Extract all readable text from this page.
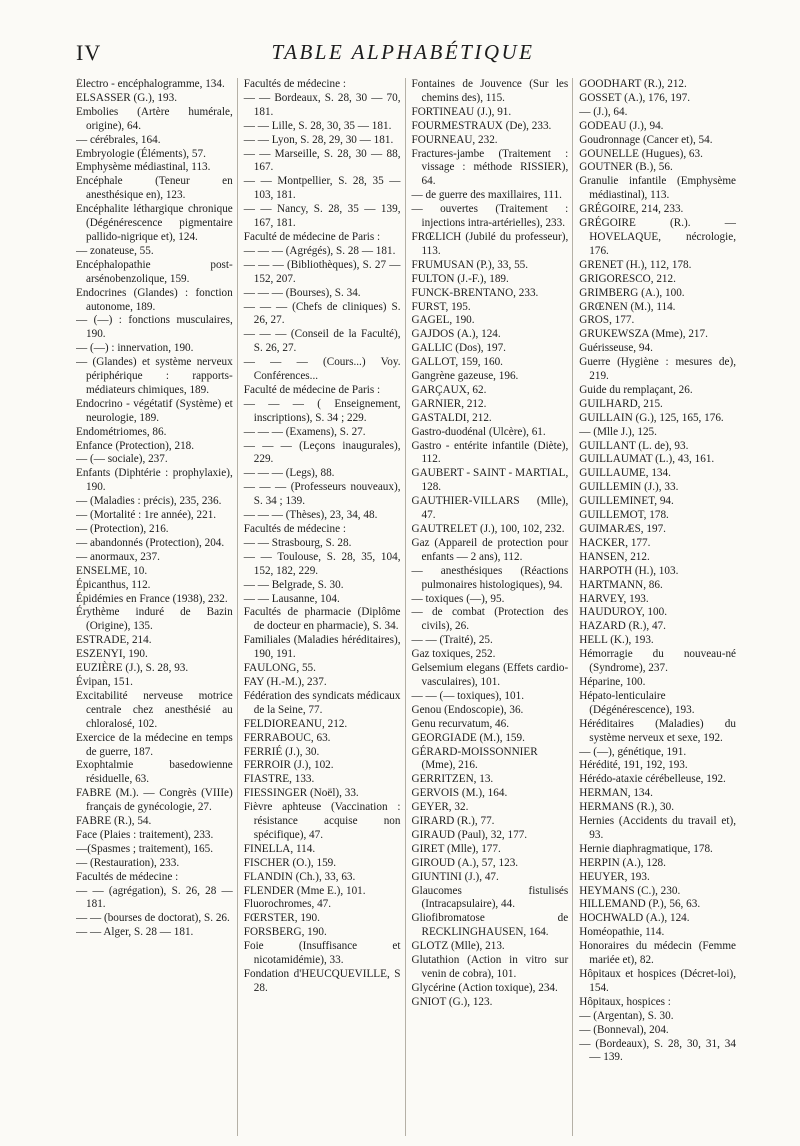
IV	TABLE ALPHABÉTIQUE

Électro - encéphalogramme, 134.

ELSASSER (G.), 193.

Embolies (Artère humérale, origine), 64.

— cérébrales, 164.

Embryologie (Éléments), 57.

Emphysème médiastinal, 113.

Encéphale (Teneur en anesthésique en), 123.

Encéphalite léthargique chronique (Dégénérescence pigmentaire pallido-nigrique et), 124.

— zonateuse, 55.

Encéphalopathie post-arsénobenzolique, 159.

Endocrines (Glandes) : fonction autonome, 189.

— (—) : fonctions musculaires, 190.

— (—) : innervation, 190.

— (Glandes) et système nerveux périphérique : rapports-médiateurs chimiques, 189.

Endocrino - végétatif (Système) et neurologie, 189.

Endométriomes, 86.

Enfance (Protection), 218.

— (— sociale), 237.

Enfants (Diphtérie : prophylaxie), 190.

— (Maladies : précis), 235, 236.

— (Mortalité : 1re année), 221.

— (Protection), 216.

— abandonnés (Protection), 204.

— anormaux, 237.

ENSELME, 10.

Épicanthus, 112.

Épidémies en France (1938), 232.

Érythème induré de Bazin (Origine), 135.

ESTRADE, 214.

ESZENYI, 190.

EUZIÈRE (J.), S. 28, 93.

Évipan, 151.

Excitabilité nerveuse motrice centrale chez anesthésié au chloralosé, 102.

Exercice de la médecine en temps de guerre, 187.

Exophtalmie basedowienne résiduelle, 63.

FABRE (M.). — Congrès (VIIIe) français de gynécologie, 27.

FABRE (R.), 54.

Face (Plaies : traitement), 233.

—(Spasmes ; traitement), 165.

— (Restauration), 233.

Facultés de médecine :

— — (agrégation), S. 26, 28 — 181.

— — (bourses de doctorat), S. 26.

— — Alger, S. 28 — 181.

Facultés de médecine :

— — Bordeaux, S. 28, 30 — 70, 181.

— — Lille, S. 28, 30, 35 — 181.

— — Lyon, S. 28, 29, 30 — 181.

— — Marseille, S. 28, 30 — 88, 167.

— — Montpellier, S. 28, 35 — 103, 181.

— — Nancy, S. 28, 35 — 139, 167, 181.

Faculté de médecine de Paris :

— — — (Agrégés), S. 28 — 181.

— — — (Bibliothèques), S. 27 — 152, 207.

— — — (Bourses), S. 34.

— — — (Chefs de cliniques) S. 26, 27.

— — — (Conseil de la Faculté), S. 26, 27.

— — — (Cours...) Voy. Conférences...

Faculté de médecine de Paris :

— — — ( Enseignement, inscriptions), S. 34 ; 229.

— — — (Examens), S. 27.

— — — (Leçons inaugurales), 229.

— — — (Legs), 88.

— — — (Professeurs nouveaux), S. 34 ; 139.

— — — (Thèses), 23, 34, 48.

Facultés de médecine :

— — Strasbourg, S. 28.

— — Toulouse, S. 28, 35, 104, 152, 182, 229.

— — Belgrade, S. 30.

— — Lausanne, 104.

Facultés de pharmacie (Diplôme de docteur en pharmacie), S. 34.

Familiales (Maladies héréditaires), 190, 191.

FAULONG, 55.

FAY (H.-M.), 237.

Fédération des syndicats médicaux de la Seine, 77.

FELDIOREANU, 212.

FERRABOUC, 63.

FERRIÉ (J.), 30.

FERROIR (J.), 102.

FIASTRE, 133.

FIESSINGER (Noël), 33.

Fièvre aphteuse (Vaccination : résistance acquise non spécifique), 47.

FINELLA, 114.

FISCHER (O.), 159.

FLANDIN (Ch.), 33, 63.

FLENDER (Mme E.), 101.

Fluorochromes, 47.

FŒRSTER, 190.

FORSBERG, 190.

Foie (Insuffisance et nicotamidémie), 33.

Fondation d'HEUCQUEVILLE, S 28.

Fontaines de Jouvence (Sur les chemins des), 115.

FORTINEAU (J.), 91.

FOURMESTRAUX (De), 233.

FOURNEAU, 232.

Fractures-jambe (Traitement : vissage : méthode RISSIER), 64.

— de guerre des maxillaires, 111.

— ouvertes (Traitement : injections intra-artérielles), 233.

FRŒLICH (Jubilé du professeur), 113.

FRUMUSAN (P.), 33, 55.

FULTON (J.-F.), 189.

FUNCK-BRENTANO, 233.

FURST, 195.

GAGEL, 190.

GAJDOS (A.), 124.

GALLIC (Dos), 197.

GALLOT, 159, 160.

Gangrène gazeuse, 196.

GARÇAUX, 62.

GARNIER, 212.

GASTALDI, 212.

Gastro-duodénal (Ulcère), 61.

Gastro - entérite infantile (Diète), 112.

GAUBERT - SAINT - MARTIAL, 128.

GAUTHIER-VILLARS (Mlle), 47.

GAUTRELET (J.), 100, 102, 232.

Gaz (Appareil de protection pour enfants — 2 ans), 112.

— anesthésiques (Réactions pulmonaires histologiques), 94.

— toxiques (—), 95.

— de combat (Protection des civils), 26.

— — (Traité), 25.

Gaz toxiques, 252.

Gelsemium elegans (Effets cardio-vasculaires), 101.

— — (— toxiques), 101.

Genou (Endoscopie), 36.

Genu recurvatum, 46.

GEORGIADE (M.), 159.

GÉRARD-MOISSONNIER (Mme), 216.

GERRITZEN, 13.

GERVOIS (M.), 164.

GEYER, 32.

GIRARD (R.), 77.

GIRAUD (Paul), 32, 177.

GIRET (Mlle), 177.

GIROUD (A.), 57, 123.

GIUNTINI (J.), 47.

Glaucomes fistulisés (Intracapsulaire), 44.

Gliofibromatose de RECKLINGHAUSEN, 164.

GLOTZ (Mlle), 213.

Glutathion (Action in vitro sur venin de cobra), 101.

Glycérine (Action toxique), 234.

GNIOT (G.), 123.

GOODHART (R.), 212.

GOSSET (A.), 176, 197.

— (J.), 64.

GODEAU (J.), 94.

Goudronnage (Cancer et), 54.

GOUNELLE (Hugues), 63.

GOUTNER (B.), 56.

Granulie infantile (Emphysème médiastinal), 113.

GRÉGOIRE, 214, 233.

GRÉGOIRE (R.). — HOVELAQUE, nécrologie, 176.

GRENET (H.), 112, 178.

GRIGORESCO, 212.

GRIMBERG (A.), 100.

GRŒNEN (M.), 114.

GROS, 177.

GRUKEWSZA (Mme), 217.

Guérisseuse, 94.

Guerre (Hygiène : mesures de), 219.

Guide du remplaçant, 26.

GUILHARD, 215.

GUILLAIN (G.), 125, 165, 176.

— (Mlle J.), 125.

GUILLANT (L. de), 93.

GUILLAUMAT (L.), 43, 161.

GUILLAUME, 134.

GUILLEMIN (J.), 33.

GUILLEMINET, 94.

GUILLEMOT, 178.

GUIMARÆS, 197.

HACKER, 177.

HANSEN, 212.

HARPOTH (H.), 103.

HARTMANN, 86.

HARVEY, 193.

HAUDUROY, 100.

HAZARD (R.), 47.

HELL (K.), 193.

Hémorragie du nouveau-né (Syndrome), 237.

Héparine, 100.

Hépato-lenticulaire (Dégénérescence), 193.

Héréditaires (Maladies) du système nerveux et sexe, 192.

— (—), génétique, 191.

Hérédité, 191, 192, 193.

Hérédo-ataxie cérébelleuse, 192.

HERMAN, 134.

HERMANS (R.), 30.

Hernies (Accidents du travail et), 93.

Hernie diaphragmatique, 178.

HERPIN (A.), 128.

HEUYER, 193.

HEYMANS (C.), 230.

HILLEMAND (P.), 56, 63.

HOCHWALD (A.), 124.

Homéopathie, 114.

Honoraires du médecin (Femme mariée et), 82.

Hôpitaux et hospices (Décret-loi), 154.

Hôpitaux, hospices :

— (Argentan), S. 30.

— (Bonneval), 204.

— (Bordeaux), S. 28, 30, 31, 34 — 139.
